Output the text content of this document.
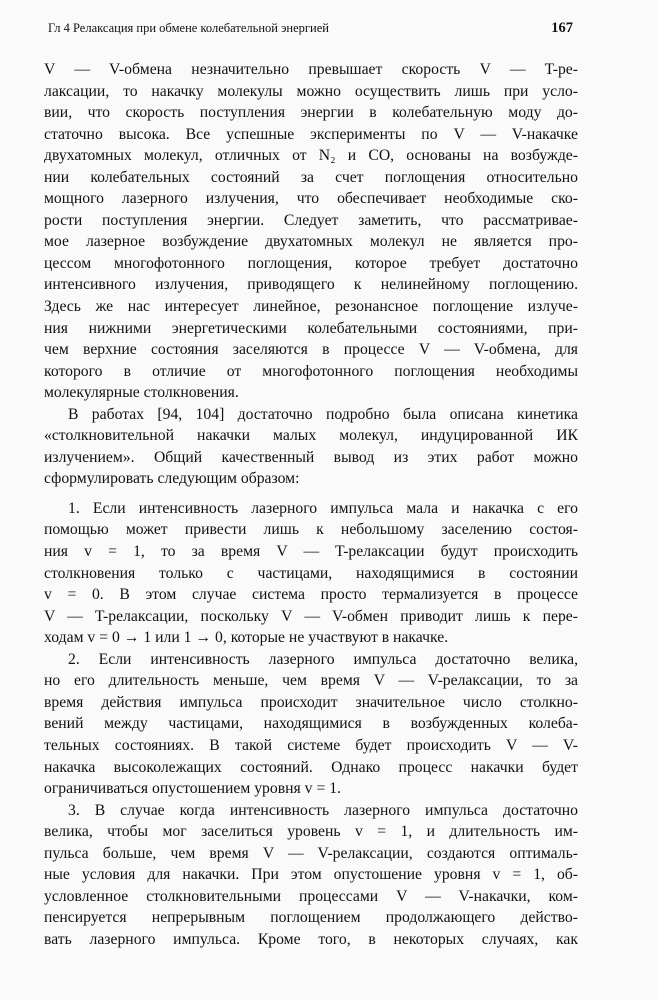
Гл 4 Релаксация при обмене колебательной энергией	167
V — V-обмена незначительно превышает скорость V — T-ре-
лаксации, то накачку молекулы можно осуществить лишь при усло-
вии, что скорость поступления энергии в колебательную моду до-
статочно высока. Все успешные эксперименты по V — V-накачке
двухатомных молекул, отличных от N₂ и CO, основаны на возбужде-
нии колебательных состояний за счет поглощения относительно
мощного лазерного излучения, что обеспечивает необходимые ско-
рости поступления энергии. Следует заметить, что рассматривае-
мое лазерное возбуждение двухатомных молекул не является про-
цессом многофотонного поглощения, которое требует достаточно
интенсивного излучения, приводящего к нелинейному поглощению.
Здесь же нас интересует линейное, резонансное поглощение излуче-
ния нижними энергетическими колебательными состояниями, при-
чем верхние состояния заселяются в процессе V — V-обмена, для
которого в отличие от многофотонного поглощения необходимы
молекулярные столкновения.
В работах [94, 104] достаточно подробно была описана кинетика
«столкновительной накачки малых молекул, индуцированной ИК
излучением». Общий качественный вывод из этих работ можно
сформулировать следующим образом:
1. Если интенсивность лазерного импульса мала и накачка с его
помощью может привести лишь к небольшому заселению состоя-
ния v = 1, то за время V — T-релаксации будут происходить
столкновения только с частицами, находящимися в состоянии
v = 0. В этом случае система просто термализуется в процессе
V — T-релаксации, поскольку V — V-обмен приводит лишь к пере-
ходам v = 0 → 1 или 1 → 0, которые не участвуют в накачке.
2. Если интенсивность лазерного импульса достаточно велика,
но его длительность меньше, чем время V — V-релаксации, то за
время действия импульса происходит значительное число столкно-
вений между частицами, находящимися в возбужденных колеба-
тельных состояниях. В такой системе будет происходить V — V-
накачка высоколежащих состояний. Однако процесс накачки будет
ограничиваться опустошением уровня v = 1.
3. В случае когда интенсивность лазерного импульса достаточно
велика, чтобы мог заселиться уровень v = 1, и длительность им-
пульса больше, чем время V — V-релаксации, создаются оптималь-
ные условия для накачки. При этом опустошение уровня v = 1, об-
условленное столкновительными процессами V — V-накачки, ком-
пенсируется непрерывным поглощением продолжающего действо-
вать лазерного импульса. Кроме того, в некоторых случаях, как
